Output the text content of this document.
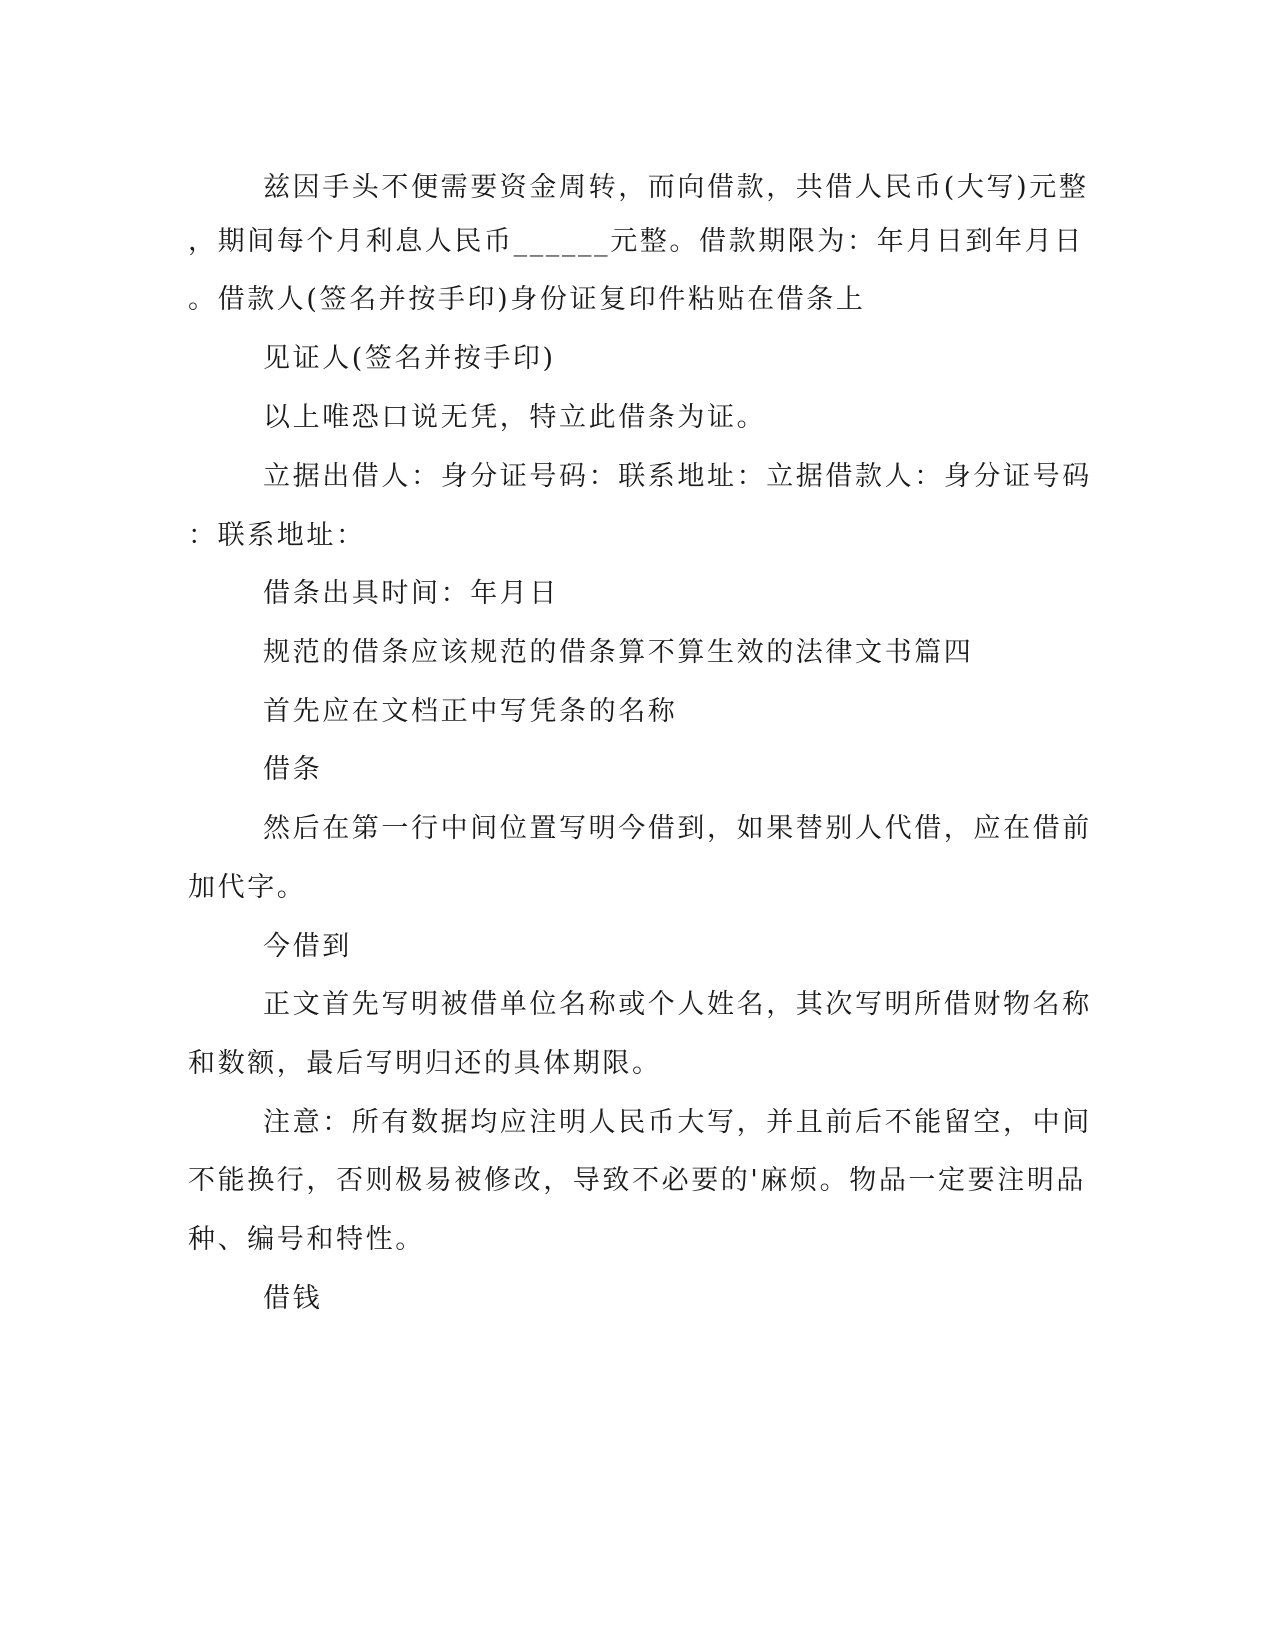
兹因手头不便需要资金周转，而向借款，共借人民币(大写)元整
，期间每个月利息人民币______元整。借款期限为：年月日到年月日
。借款人(签名并按手印)身份证复印件粘贴在借条上
见证人(签名并按手印)
以上唯恐口说无凭，特立此借条为证。
立据出借人：身分证号码：联系地址：立据借款人：身分证号码
：联系地址：
借条出具时间：年月日
规范的借条应该规范的借条算不算生效的法律文书篇四
首先应在文档正中写凭条的名称
借条
然后在第一行中间位置写明今借到，如果替别人代借，应在借前
加代字。
今借到
正文首先写明被借单位名称或个人姓名，其次写明所借财物名称
和数额，最后写明归还的具体期限。
注意：所有数据均应注明人民币大写，并且前后不能留空，中间
不能换行，否则极易被修改，导致不必要的'麻烦。物品一定要注明品
种、编号和特性。
借钱
